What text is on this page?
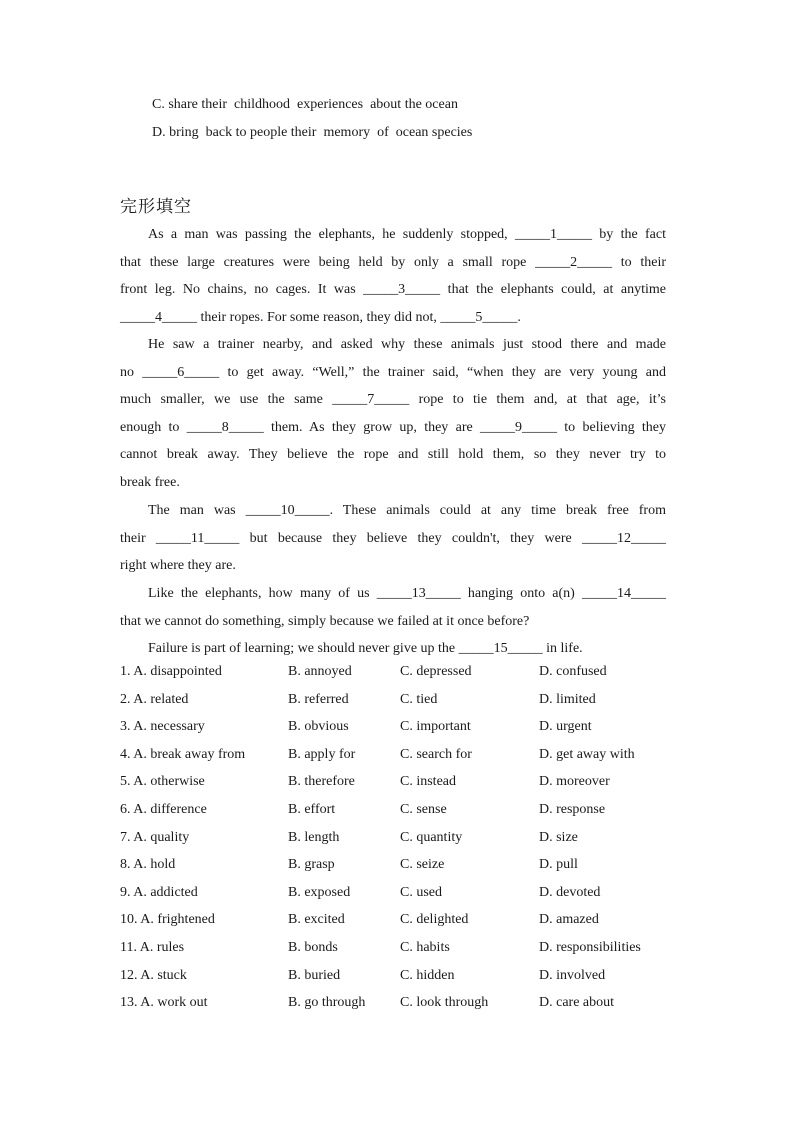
C. share their  childhood  experiences  about the ocean
D. bring  back to people their  memory  of  ocean species
完形填空
As a man was passing the elephants, he suddenly stopped, _____1_____ by the fact
that these large creatures were being held by only a small rope _____2_____ to their
front leg. No chains, no cages. It was _____3_____ that the elephants could, at anytime
_____4_____ their ropes. For some reason, they did not, _____5_____.
He saw a trainer nearby, and asked why these animals just stood there and made
no _____6_____ to get away. “Well,” the trainer said, “when they are very young and
much smaller, we use the same _____7_____ rope to tie them and, at that age, it’s
enough to _____8_____ them. As they grow up, they are _____9_____ to believing they
cannot break away. They believe the rope and still hold them, so they never try to
break free.
The man was _____10_____. These animals could at any time break free from
their _____11_____ but because they believe they couldn't, they were _____12_____
right where they are.
Like the elephants, how many of us _____13_____ hanging onto a(n) _____14_____
that we cannot do something, simply because we failed at it once before?
Failure is part of learning; we should never give up the _____15_____ in life.
1. A. disappointed	B. annoyed	C. depressed	D. confused
2. A. related	B. referred	C. tied	D. limited
3. A. necessary	B. obvious	C. important	D. urgent
4. A. break away from	B. apply for	C. search for	D. get away with
5. A. otherwise	B. therefore	C. instead	D. moreover
6. A. difference	B. effort	C. sense	D. response
7. A. quality	B. length	C. quantity	D. size
8. A. hold	B. grasp	C. seize	D. pull
9. A. addicted	B. exposed	C. used	D. devoted
10. A. frightened	B. excited	C. delighted	D. amazed
11. A. rules	B. bonds	C. habits	D. responsibilities
12. A. stuck	B. buried	C. hidden	D. involved
13. A. work out	B. go through C. look through	D. care about
